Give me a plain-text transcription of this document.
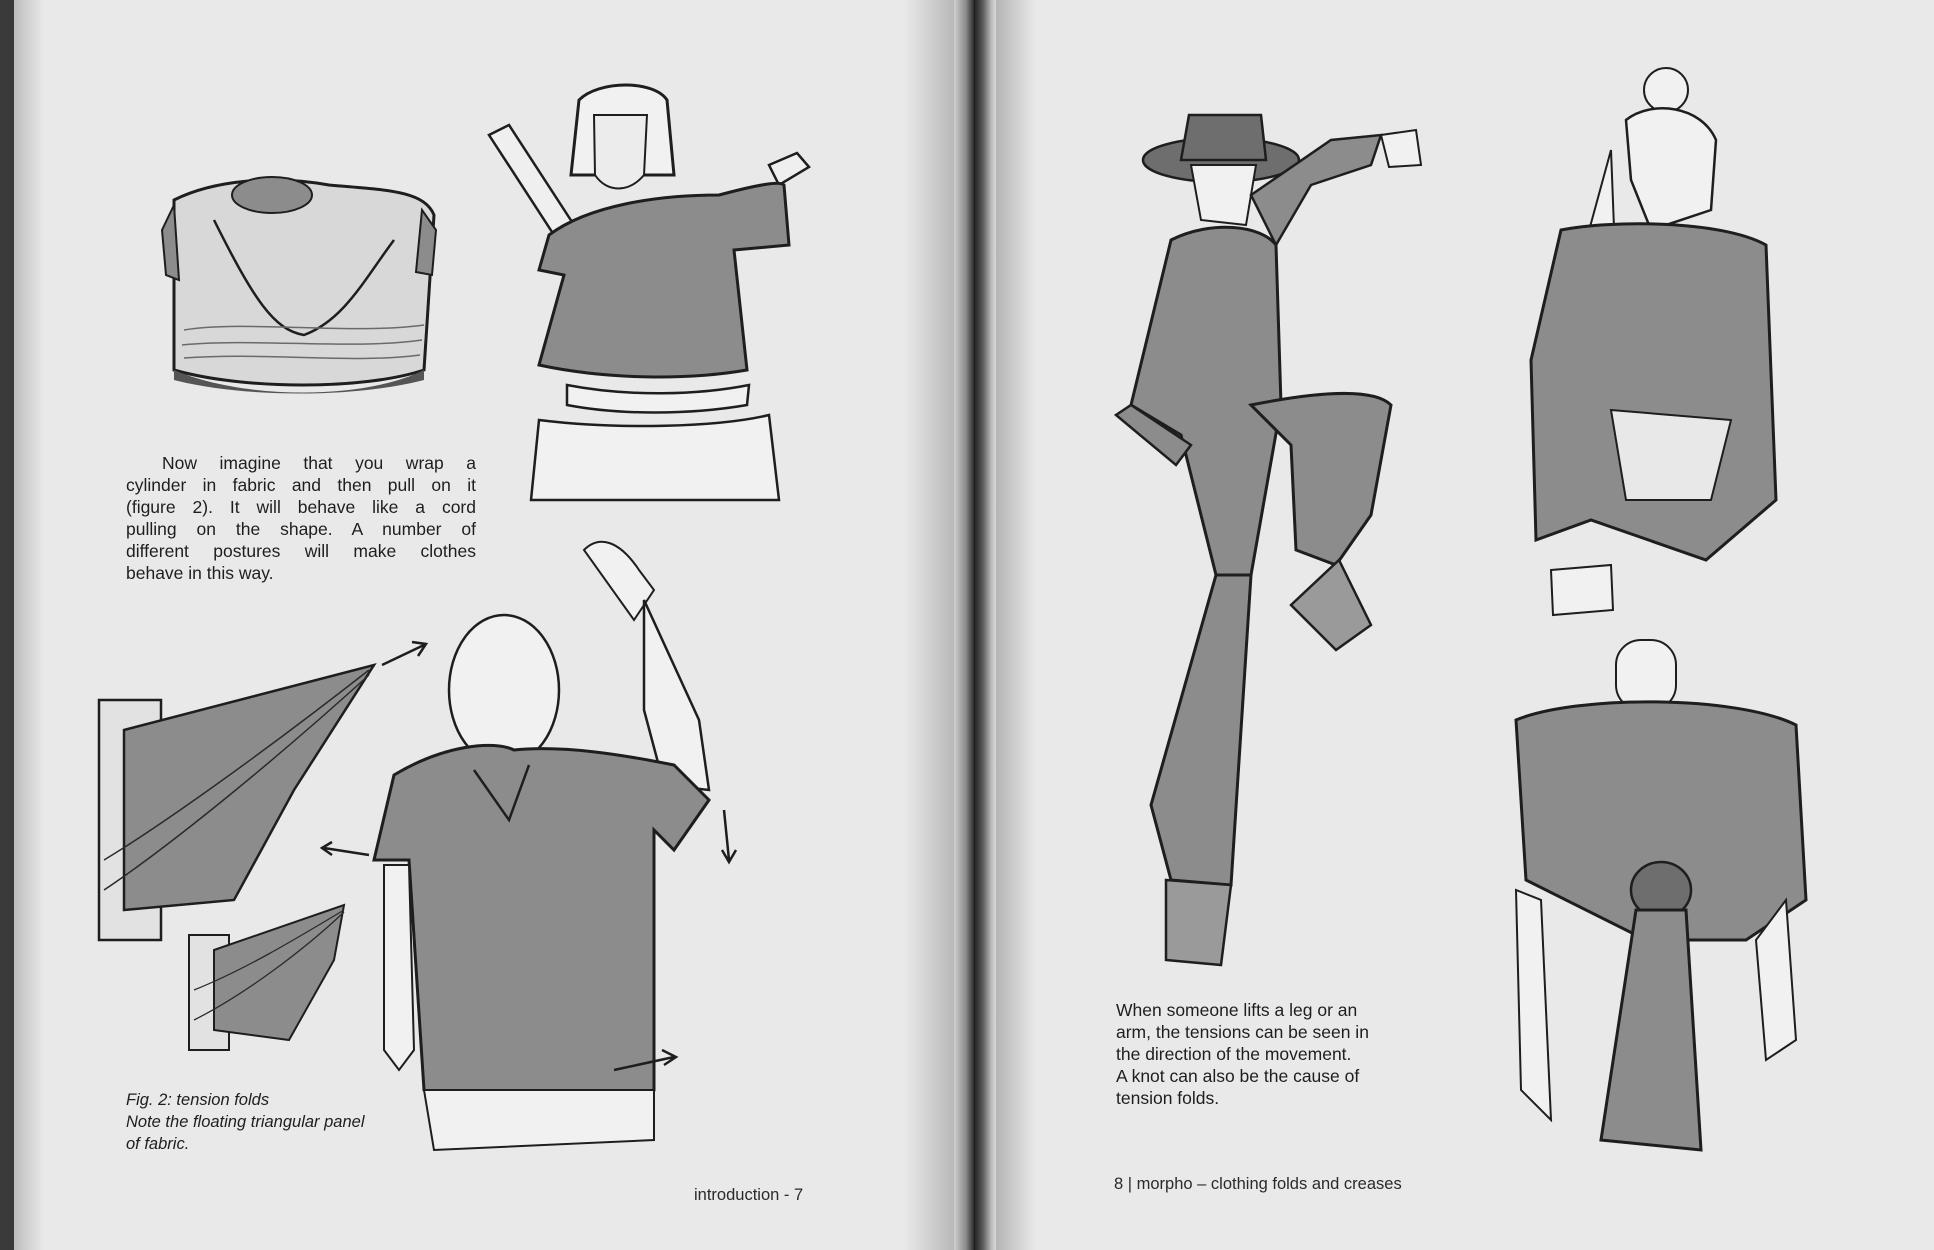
Now imagine that you wrap a
cylinder in fabric and then pull on it
(figure 2). It will behave like a cord
pulling on the shape. A number of
different postures will make clothes
behave in this way.
Fig. 2: tension folds
Note the floating triangular panel
of fabric.
introduction - 7
When someone lifts a leg or an
arm, the tensions can be seen in
the direction of the movement.
A knot can also be the cause of
tension folds.
8 | morpho – clothing folds and creases
